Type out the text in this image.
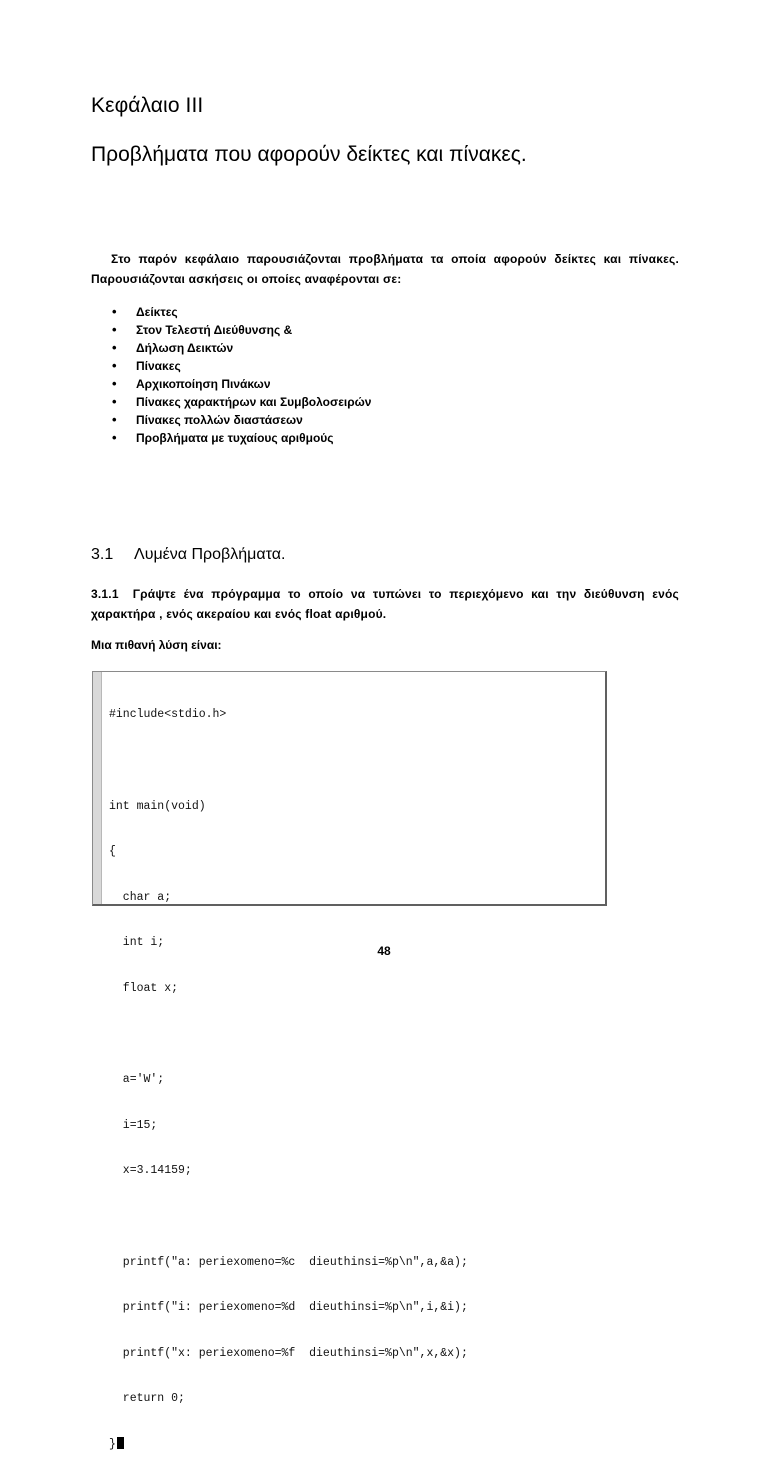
Κεφάλαιο ΙΙΙ
Προβλήματα που αφορούν δείκτες και πίνακες.

Στο παρόν κεφάλαιο παρουσιάζονται προβλήματα τα οποία αφορούν δείκτες και πίνακες. Παρουσιάζονται ασκήσεις οι οποίες αναφέρονται σε:

• Δείκτες
• Στον Τελεστή Διεύθυνσης &
• Δήλωση Δεικτών
• Πίνακες
• Αρχικοποίηση Πινάκων
• Πίνακες χαρακτήρων και Συμβολοσειρών
• Πίνακες πολλών διαστάσεων
• Προβλήματα με τυχαίους αριθμούς
3.1 Λυμένα Προβλήματα.

3.1.1 Γράψτε ένα πρόγραμμα το οποίο να τυπώνει το περιεχόμενο και την διεύθυνση ενός χαρακτήρα , ενός ακεραίου και ενός float αριθμού.

Μια πιθανή λύση είναι:

#include<stdio.h>

int main(void)

{

char a;

int i;

float x;

a='W';

i=15;

x=3.14159;

printf("a: periexomeno=%c  dieuthinsi=%p\n",a,&a);

printf("i: periexomeno=%d  dieuthinsi=%p\n",i,&i);

printf("x: periexomeno=%f  dieuthinsi=%p\n",x,&x);

return 0;

}

48
